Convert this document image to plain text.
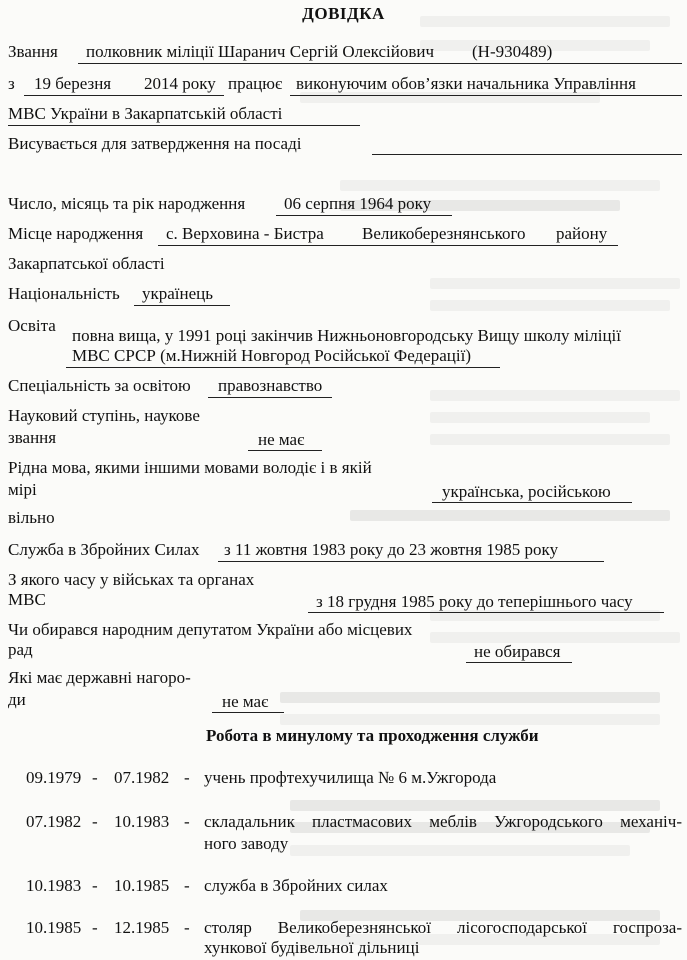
ДОВІДКА
Звання полковник міліції Шаранич Сергій Олексійович (Н-930489)
з 19 березня 2014 року працює виконуючим обов’язки начальника Управління
МВС України в Закарпатській області
Висувається для затвердження на посаді
Число, місяць та рік народження 06 серпня 1964 року
Місце народження с. Верховина - Бистра Великоберезнянського району
Закарпатської області
Національність українець
Освіта
повна вища, у 1991 році закінчив Нижньоновгородську Вищу школу міліції
МВС СРСР (м.Нижній Новгород Російської Федерації)
Спеціальність за освітою правознавство
Науковий ступінь, наукове
звання	не має
Рідна мова, якими іншими мовами володіє і в якій
мірі	українська, російською
вільно
Служба в Збройних Силах з 11 жовтня 1983 року до 23 жовтня 1985 року
З якого часу у військах та органах
МВС	з 18 грудня 1985 року до теперішнього часу
Чи обирався народним депутатом України або місцевих
рад	не обирався
Які має державні нагоро-
ди	не має
Робота в минулому та проходження служби
09.1979 - 07.1982 - учень профтехучилища № 6 м.Ужгорода
07.1982 - 10.1983 - складальник пластмасових меблів Ужгородського механіч-
ного заводу
10.1983 - 10.1985 - служба в Збройних силах
10.1985 - 12.1985 - столяр Великоберезнянської лісогосподарської госпроза-
хункової будівельної дільниці
